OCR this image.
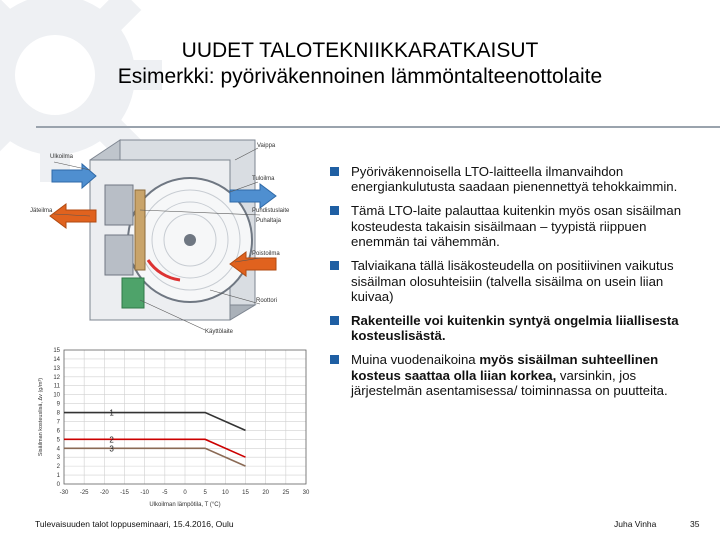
UUDET TALOTEKNIIKKARATKAISUT
Esimerkki: pyöriväkennoinen lämmöntalteenottolaite
Ulkoilma
Jäteilma
Vaippa
Tuloilma
Puhdistuslaite
Puhaltaja
Poistoilma
Roottori
Käyttölaite
0
1
2
3
4
5
6
7
8
9
10
11
12
13
14
15
-30 -25 -20 -15 -10 -5	0	5	10 15 20 25 30
Ulkoilman lämpötila, T (°C)
Sisäilman kosteuslisä, Δv (g/m³)	1
2
3
Pyöriväkennoisella LTO-laitteella ilmanvaihdon energiankulutusta saadaan pienennettyä tehokkaimmin.
Tämä LTO-laite palauttaa kuitenkin myös osan sisäilman kosteudesta takaisin sisäilmaan – tyypistä riippuen enemmän tai vähemmän.
Talviaikana tällä lisäkosteudella on positiivinen vaikutus sisäilman olosuhteisiin (talvella sisäilma on usein liian kuivaa)
Rakenteille voi kuitenkin syntyä ongelmia liiallisesta kosteuslisästä.
Muina vuodenaikoina myös sisäilman suhteellinen kosteus saattaa olla liian korkea, varsinkin, jos järjestelmän asentamisessa/ toiminnassa on puutteita.
Tulevaisuuden talot loppuseminaari, 15.4.2016, Oulu	Juha Vinha	35
